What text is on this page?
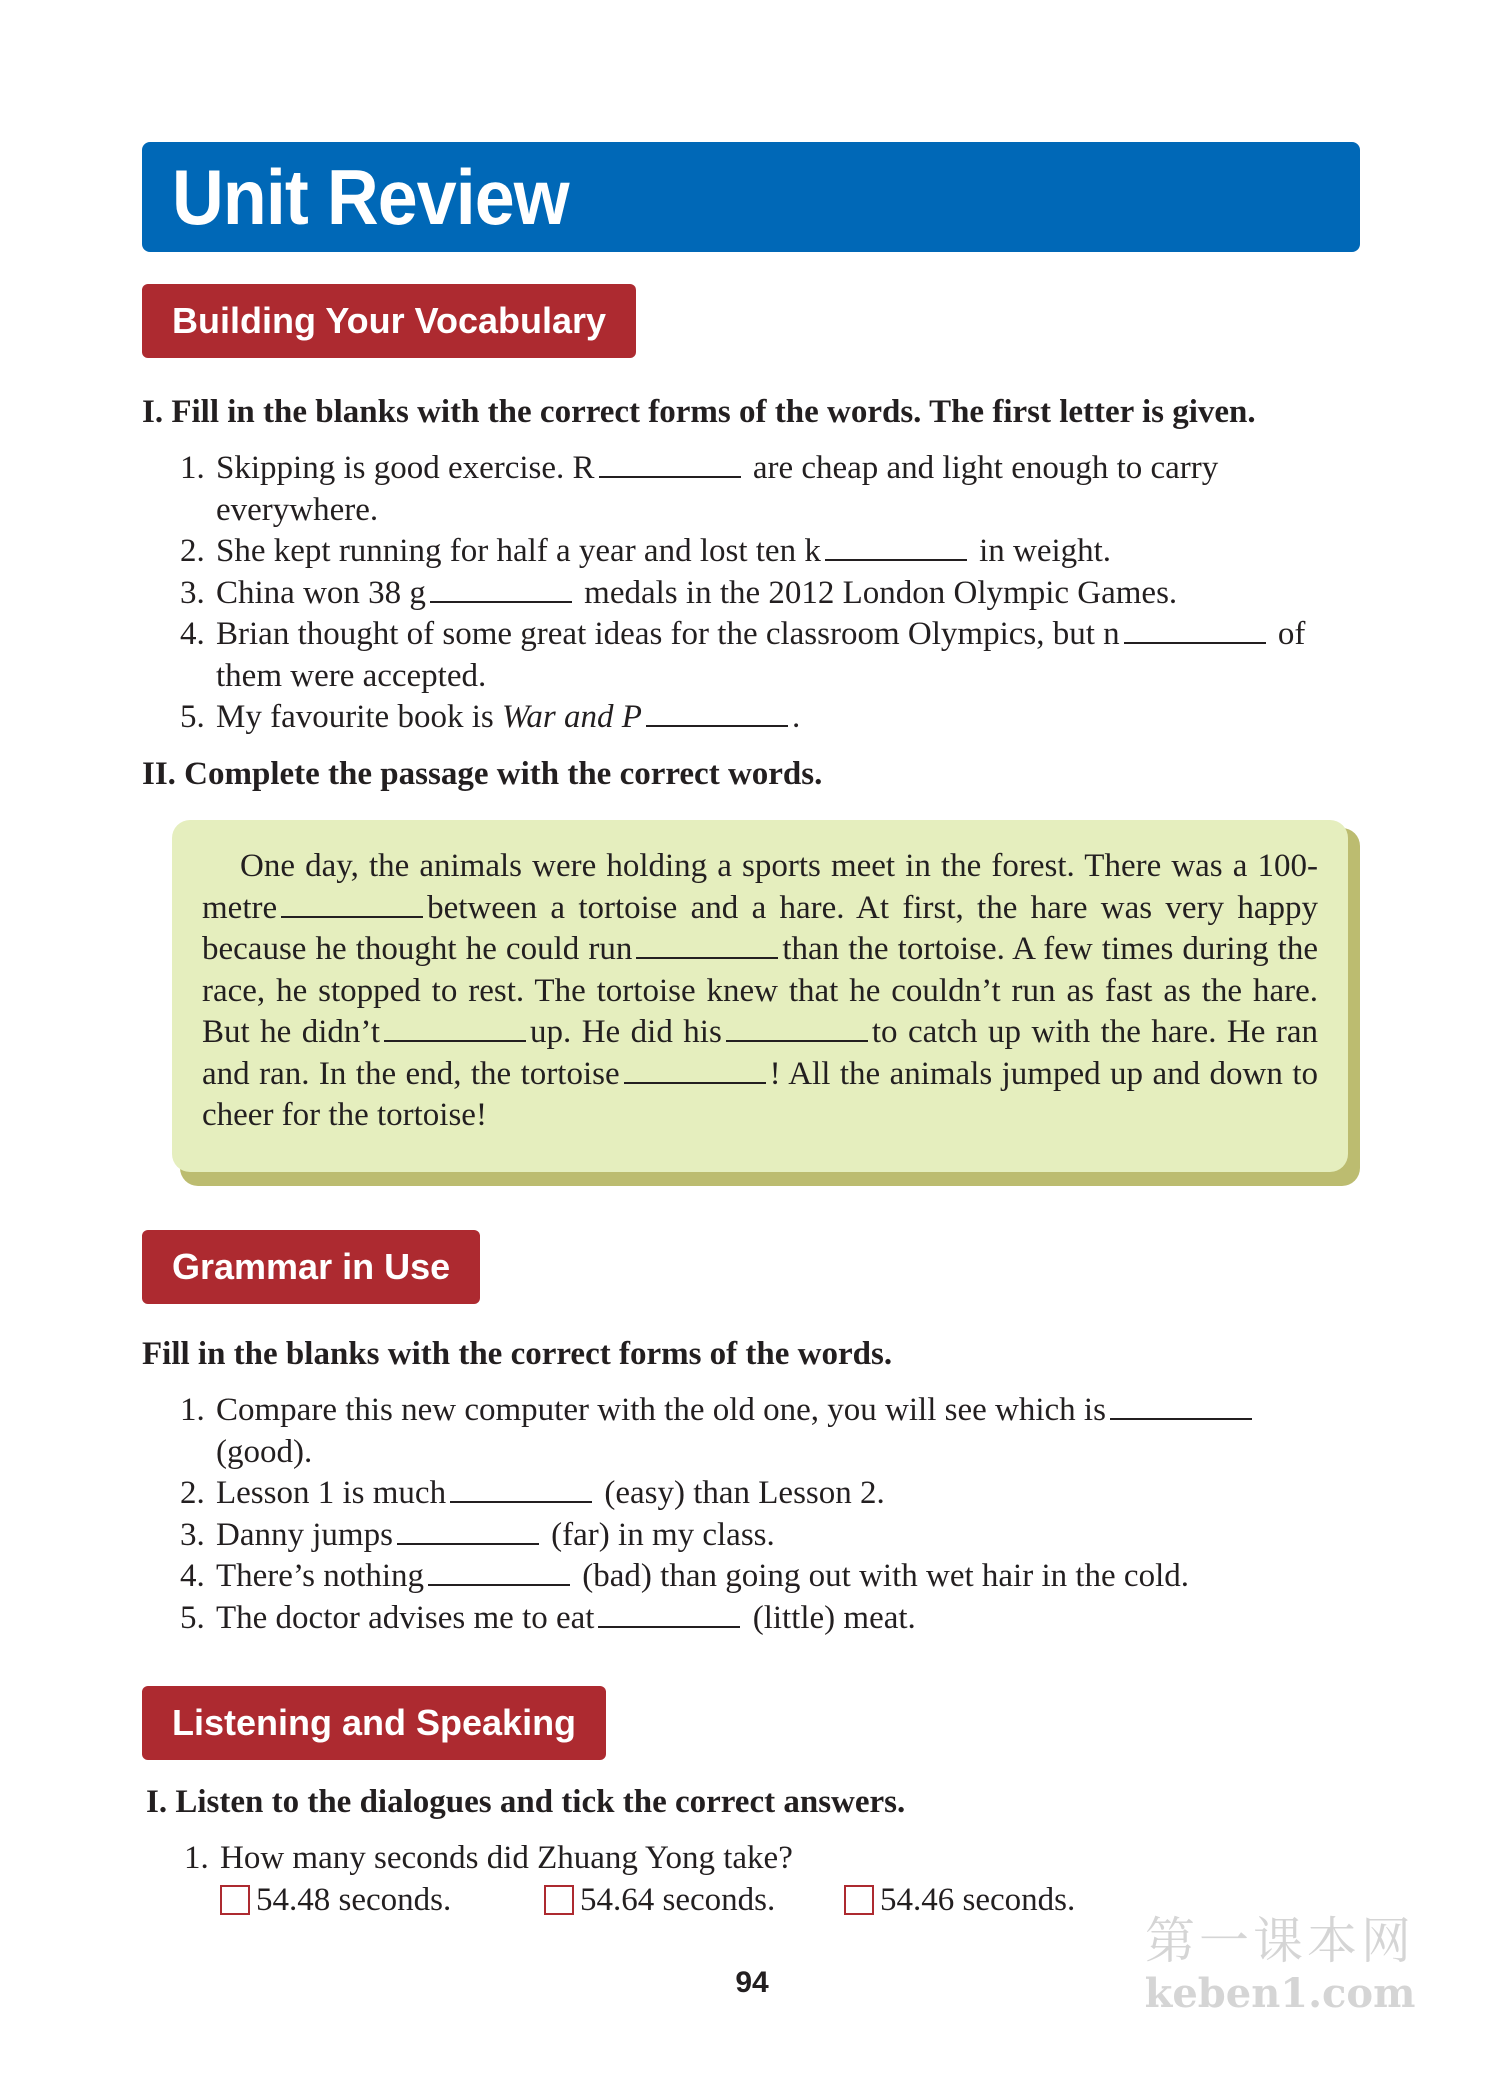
Unit Review
Building Your Vocabulary

I. Fill in the blanks with the correct forms of the words. The first letter is given.

1. Skipping is good exercise. R	are cheap and light enough to carry everywhere.
2. She kept running for half a year and lost ten k	in weight.
3. China won 38 g	medals in the 2012 London Olympic Games.
4. Brian thought of some great ideas for the classroom Olympics, but n	of them were accepted.
5. My favourite book is War and P	.

II. Complete the passage with the correct words.

One day, the animals were holding a sports meet in the forest. There was a 100-metre	between a tortoise and a hare. At first, the hare was very happy because he thought he could run	than the tortoise. A few times during the race, he stopped to rest. The tortoise knew that he couldn’t run as fast as the hare. But he didn’t	up. He did his	to catch up with the hare. He ran and ran. In the end, the tortoise	! All the animals jumped up and down to cheer for the tortoise!

Grammar in Use

Fill in the blanks with the correct forms of the words.

1. Compare this new computer with the old one, you will see which is (good).
2. Lesson 1 is much	(easy) than Lesson 2.
3. Danny jumps	(far) in my class.
4. There’s nothing	(bad) than going out with wet hair in the cold.
5. The doctor advises me to eat	(little) meat.
Listening and Speaking

I. Listen to the dialogues and tick the correct answers.

1. How many seconds did Zhuang Yong take?
54.48 seconds.	54.64 seconds.	54.46 seconds.
94
第一课本网
keben1.com
